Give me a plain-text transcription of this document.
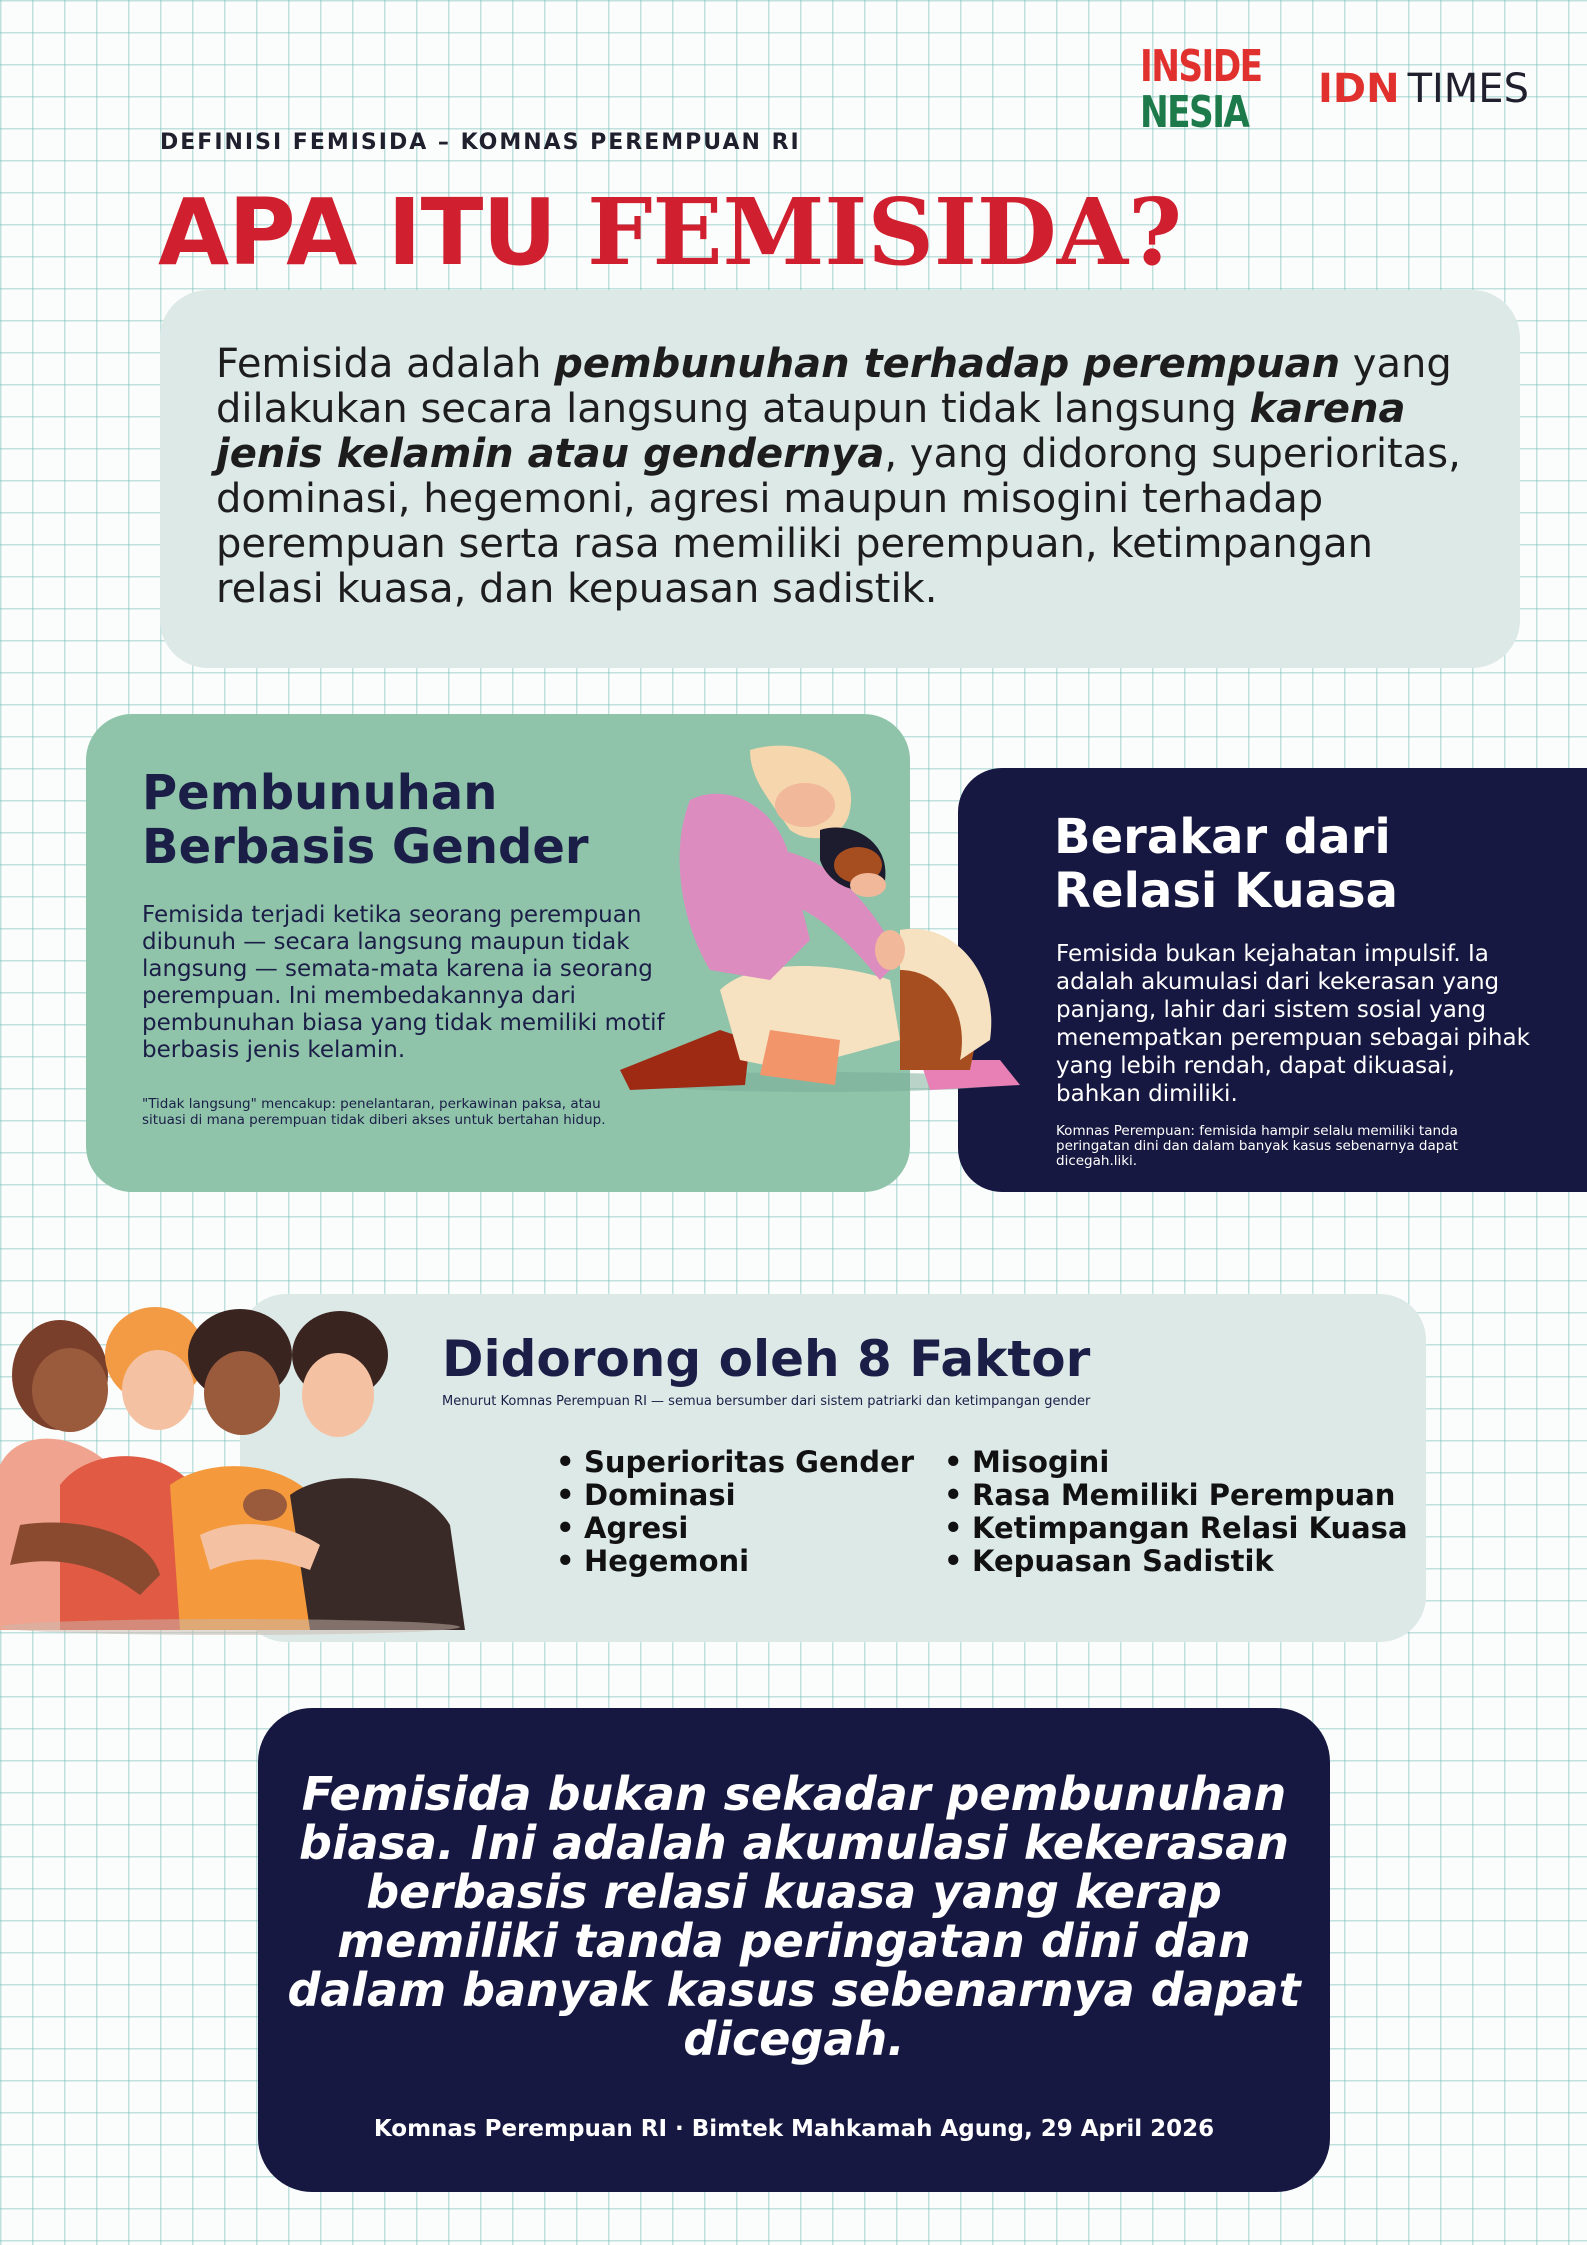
DEFINISI FEMISIDA – KOMNAS PEREMPUAN RI
APA ITU FEMISIDA?
INSIDE
NESIA IDN TIMES
Femisida adalah pembunuhan terhadap perempuan yang dilakukan secara langsung ataupun tidak langsung karena jenis kelamin atau gendernya, yang didorong superioritas, dominasi, hegemoni, agresi maupun misogini terhadap perempuan serta rasa memiliki perempuan, ketimpangan relasi kuasa, dan kepuasan sadistik.
Pembunuhan Berbasis Gender
Femisida terjadi ketika seorang perempuan dibunuh — secara langsung maupun tidak langsung — semata-mata karena ia seorang perempuan. Ini membedakannya dari pembunuhan biasa yang tidak memiliki motif berbasis jenis kelamin.
"Tidak langsung" mencakup: penelantaran, perkawinan paksa, atau situasi di mana perempuan tidak diberi akses untuk bertahan hidup.
Berakar dari Relasi Kuasa
Femisida bukan kejahatan impulsif. Ia adalah akumulasi dari kekerasan yang panjang, lahir dari sistem sosial yang menempatkan perempuan sebagai pihak yang lebih rendah, dapat dikuasai, bahkan dimiliki.
Komnas Perempuan: femisida hampir selalu memiliki tanda peringatan dini dan dalam banyak kasus sebenarnya dapat dicegah.liki.
Didorong oleh 8 Faktor
Menurut Komnas Perempuan RI — semua bersumber dari sistem patriarki dan ketimpangan gender
• Superioritas Gender
• Dominasi
• Agresi
• Hegemoni
• Misogini
• Rasa Memiliki Perempuan
• Ketimpangan Relasi Kuasa
• Kepuasan Sadistik
Femisida bukan sekadar pembunuhan biasa. Ini adalah akumulasi kekerasan berbasis relasi kuasa yang kerap memiliki tanda peringatan dini dan dalam banyak kasus sebenarnya dapat dicegah.
Komnas Perempuan RI · Bimtek Mahkamah Agung, 29 April 2026
